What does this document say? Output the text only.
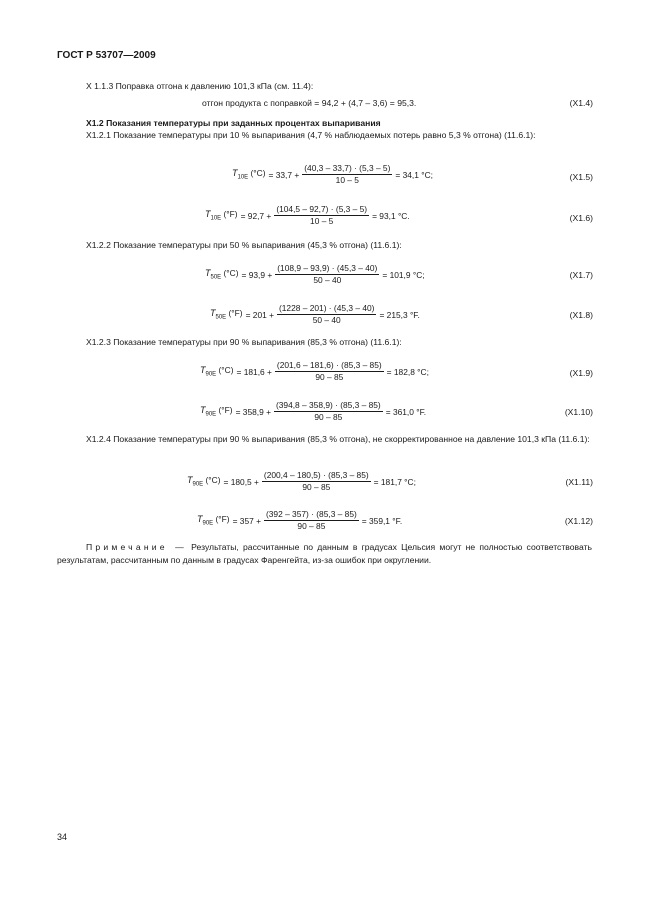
ГОСТ Р 53707—2009
Х 1.1.3 Поправка отгона к давлению 101,3 кПа (см. 11.4):
отгон продукта с поправкой = 94,2 + (4,7 – 3,6) = 95,3.	(Х1.4)
Х1.2 Показания температуры при заданных процентах выпаривания
Х1.2.1 Показание температуры при 10 % выпаривания (4,7 % наблюдаемых потерь равно 5,3 % отгона) (11.6.1):
$T_{10E}$ $(^\circ C) = 33,7 + \frac{(40,3 - 33,7) \cdot (5,3 - 5)}{10 - 5} = 34,1$ °C;	(Х1.5)
$T_{10E}$ $(^\circ F) = 92,7 + \frac{(104,5 - 92,7) \cdot (5,3 - 5)}{10 - 5} = 93,1$ °C.	(Х1.6)
Х1.2.2 Показание температуры при 50 % выпаривания (45,3 % отгона) (11.6.1):
$T_{50E}$ $(^\circ C) = 93,9 + \frac{(108,9 - 93,9) \cdot (45,3 - 40)}{50 - 40} = 101,9$ °C;	(Х1.7)
$T_{50E}$ $(^\circ F) = 201 + \frac{(1228 - 201) \cdot (45,3 - 40)}{50 - 40} = 215,3$ °F.	(Х1.8)
Х1.2.3 Показание температуры при 90 % выпаривания (85,3 % отгона) (11.6.1):
$T_{90E}$ $(^\circ C) = 181,6 + \frac{(201,6 - 181,6) \cdot (85,3 - 85)}{90 - 85} = 182,8$ °C;	(Х1.9)
$T_{90E}$ $(^\circ F) = 358,9 + \frac{(394,8 - 358,9) \cdot (85,3 - 85)}{90 - 85} = 361,0$ °F.	(Х1.10)
Х1.2.4 Показание температуры при 90 % выпаривания (85,3 % отгона), не скорректированное на давление 101,3 кПа (11.6.1):
$T_{90E}$ $(^\circ C) = 180,5 + \frac{(200,4 - 180,5) \cdot (85,3 - 85)}{90 - 85} = 181,7$ °C;	(Х1.11)
$T_{90E}$ $(^\circ F) = 357 + \frac{(392 - 357) \cdot (85,3 - 85)}{90 - 85} = 359,1$ °F.	(Х1.12)
Примечание — Результаты, рассчитанные по данным в градусах Цельсия могут не полностью соответствовать результатам, рассчитанным по данным в градусах Фаренгейта, из-за ошибок при округлении.
34
